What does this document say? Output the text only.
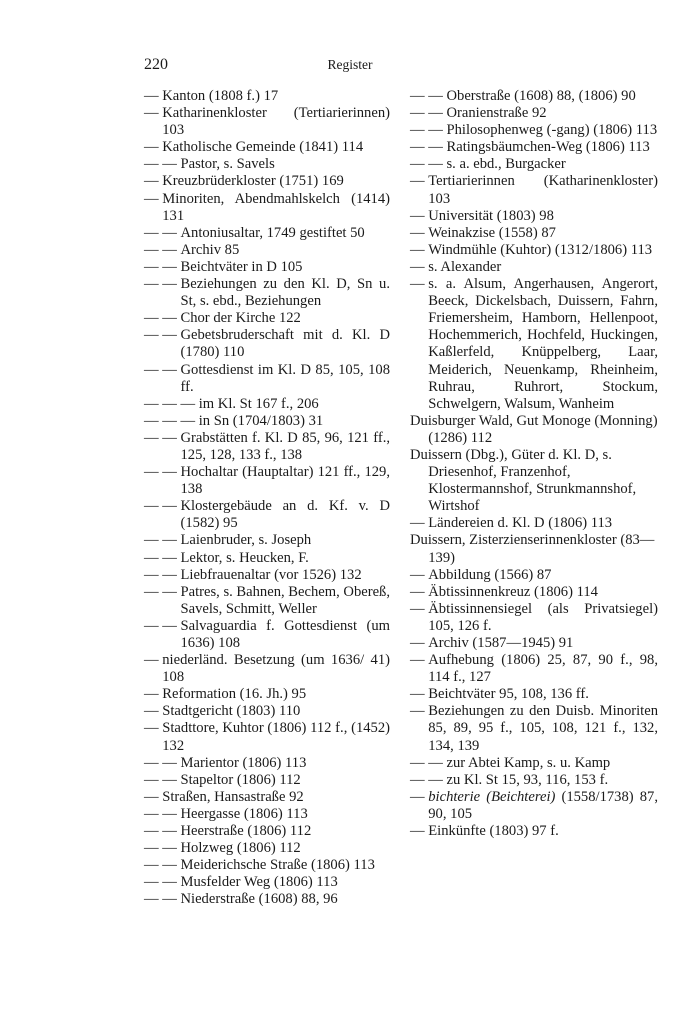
220	Register
— Kanton (1808 f.) 17
— Katharinenkloster (Tertiarierinnen) 103
— Katholische Gemeinde (1841) 114
— — Pastor, s. Savels
— Kreuzbrüderkloster (1751) 169
— Minoriten, Abendmahlskelch (1414) 131
— — Antoniusaltar, 1749 gestiftet 50
— — Archiv 85
— — Beichtväter in D 105
— — Beziehungen zu den Kl. D, Sn u. St, s. ebd., Beziehungen
— — Chor der Kirche 122
— — Gebetsbruderschaft mit d. Kl. D (1780) 110
— — Gottesdienst im Kl. D 85, 105, 108 ff.
— — — im Kl. St 167 f., 206
— — — in Sn (1704/1803) 31
— — Grabstätten f. Kl. D 85, 96, 121 ff., 125, 128, 133 f., 138
— — Hochaltar (Hauptaltar) 121 ff., 129, 138
— — Klostergebäude an d. Kf. v. D (1582) 95
— — Laienbruder, s. Joseph
— — Lektor, s. Heucken, F.
— — Liebfrauenaltar (vor 1526) 132
— — Patres, s. Bahnen, Bechem, Obereß, Savels, Schmitt, Weller
— — Salvaguardia f. Gottesdienst (um 1636) 108
— niederländ. Besetzung (um 1636/ 41) 108
— Reformation (16. Jh.) 95
— Stadtgericht (1803) 110
— Stadttore, Kuhtor (1806) 112 f., (1452) 132
— — Marientor (1806) 113
— — Stapeltor (1806) 112
— Straßen, Hansastraße 92
— — Heergasse (1806) 113
— — Heerstraße (1806) 112
— — Holzweg (1806) 112
— — Meiderichsche Straße (1806) 113
— — Musfelder Weg (1806) 113
— — Niederstraße (1608) 88, 96
— — Oberstraße (1608) 88, (1806) 90
— — Oranienstraße 92
— — Philosophenweg (-gang) (1806) 113
— — Ratingsbäumchen-Weg (1806) 113
— — s. a. ebd., Burgacker
— Tertiarierinnen (Katharinenkloster) 103
— Universität (1803) 98
— Weinakzise (1558) 87
— Windmühle (Kuhtor) (1312/1806) 113
— s. Alexander
— s. a. Alsum, Angerhausen, Angerort, Beeck, Dickelsbach, Duissern, Fahrn, Friemersheim, Hamborn, Hellenpoot, Hochemmerich, Hochfeld, Huckingen, Kaßlerfeld, Knüppelberg, Laar, Meiderich, Neuenkamp, Rheinheim, Ruhrau, Ruhrort, Stockum, Schwelgern, Walsum, Wanheim
Duisburger Wald, Gut Monoge (Monning) (1286) 112
Duissern (Dbg.), Güter d. Kl. D, s. Driesenhof, Franzenhof, Klostermannshof, Strunkmannshof, Wirtshof
— Ländereien d. Kl. D (1806) 113
Duissern, Zisterzienserinnenkloster (83—139)
— Abbildung (1566) 87
— Äbtissinnenkreuz (1806) 114
— Äbtissinnensiegel (als Privatsiegel) 105, 126 f.
— Archiv (1587—1945) 91
— Aufhebung (1806) 25, 87, 90 f., 98, 114 f., 127
— Beichtväter 95, 108, 136 ff.
— Beziehungen zu den Duisb. Minoriten 85, 89, 95 f., 105, 108, 121 f., 132, 134, 139
— — zur Abtei Kamp, s. u. Kamp
— — zu Kl. St 15, 93, 116, 153 f.
— bichterie (Beichterei) (1558/1738) 87, 90, 105
— Einkünfte (1803) 97 f.
